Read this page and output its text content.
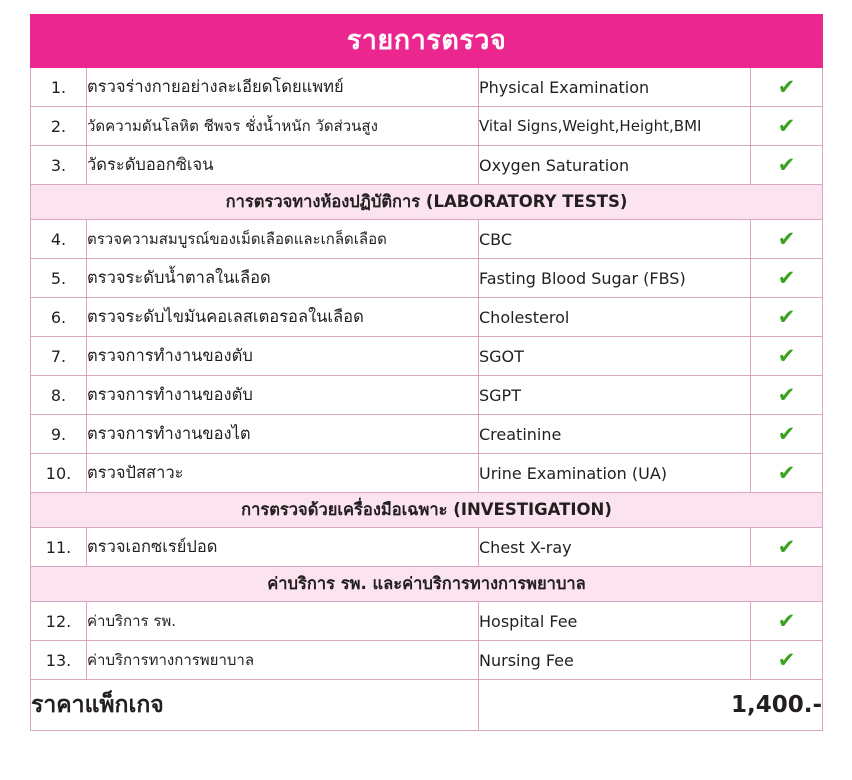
รายการตรวจ			

1.	ตรวจร่างกายอย่างละเอียดโดยแพทย์	Physical Examination	✔
2.	วัดความดันโลหิต ชีพจร ชั่งน้ำหนัก วัดส่วนสูง	Vital Signs,Weight,Height,BMI	✔
3.	วัดระดับออกซิเจน	Oxygen Saturation	✔
การตรวจทางห้องปฏิบัติการ (LABORATORY TESTS)			
4.	ตรวจความสมบูรณ์ของเม็ดเลือดและเกล็ดเลือด	CBC	✔
5.	ตรวจระดับน้ำตาลในเลือด	Fasting Blood Sugar (FBS)	✔
6.	ตรวจระดับไขมันคอเลสเตอรอลในเลือด	Cholesterol	✔
7.	ตรวจการทำงานของตับ	SGOT	✔
8.	ตรวจการทำงานของตับ	SGPT	✔
9.	ตรวจการทำงานของไต	Creatinine	✔
10.	ตรวจปัสสาวะ	Urine Examination (UA)	✔
การตรวจด้วยเครื่องมือเฉพาะ (INVESTIGATION)			
11.	ตรวจเอกซเรย์ปอด	Chest X-ray	✔
ค่าบริการ รพ. และค่าบริการทางการพยาบาล			
12.	ค่าบริการ รพ.	Hospital Fee	✔
13.	ค่าบริการทางการพยาบาล	Nursing Fee	✔
ราคาแพ็กเกจ		1,400.-	
